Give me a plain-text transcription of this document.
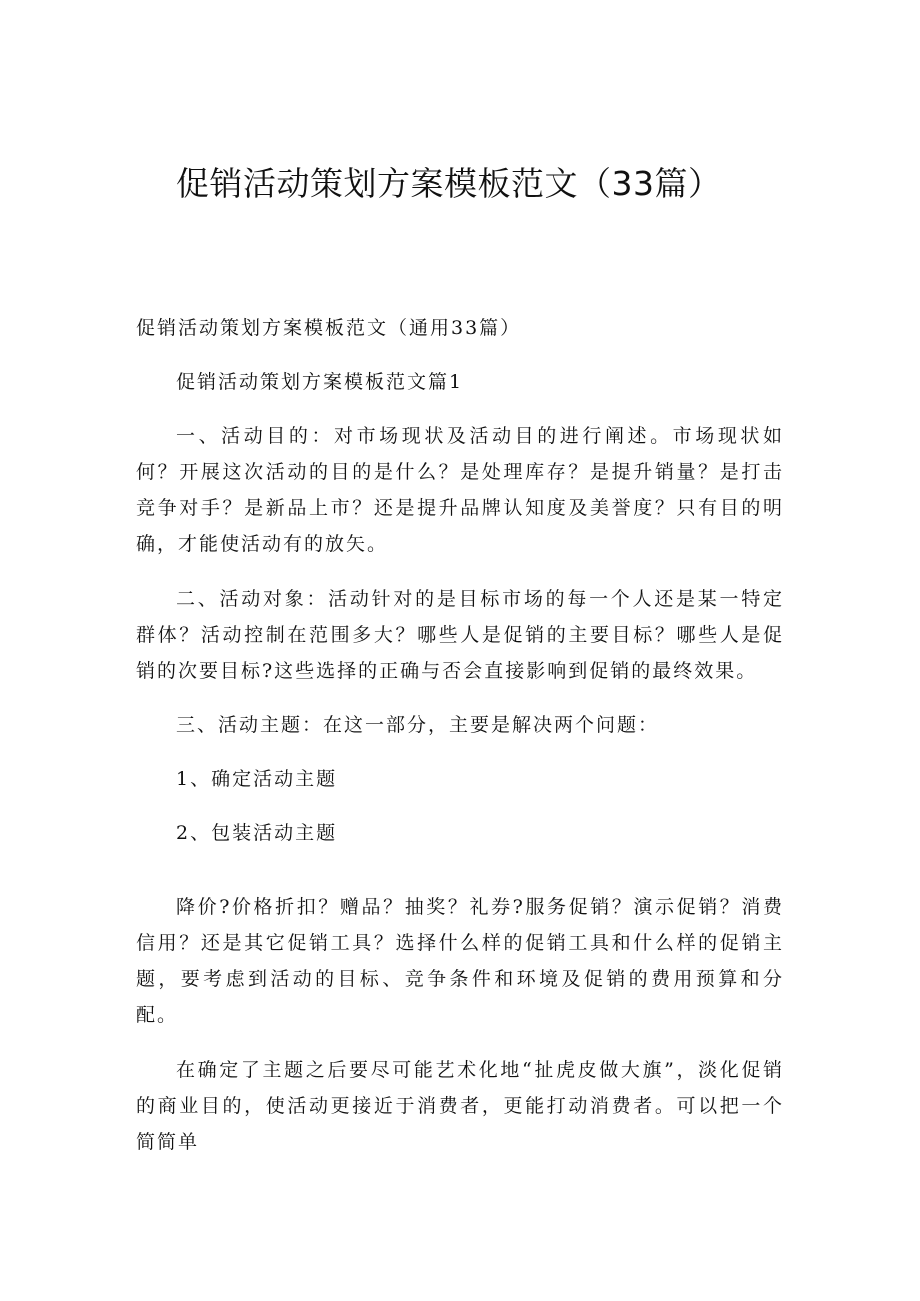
促销活动策划方案模板范文（33篇）

促销活动策划方案模板范文（通用33篇）

促销活动策划方案模板范文篇1

一、活动目的：对市场现状及活动目的进行阐述。市场现状如何？开展这次活动的目的是什么？是处理库存？是提升销量？是打击竞争对手？是新品上市？还是提升品牌认知度及美誉度？只有目的明确，才能使活动有的放矢。

二、活动对象：活动针对的是目标市场的每一个人还是某一特定群体？活动控制在范围多大？哪些人是促销的主要目标？哪些人是促销的次要目标?这些选择的正确与否会直接影响到促销的最终效果。

三、活动主题：在这一部分，主要是解决两个问题：

1、确定活动主题

2、包装活动主题

降价?价格折扣？赠品？抽奖？礼券?服务促销？演示促销？消费信用？还是其它促销工具？选择什么样的促销工具和什么样的促销主题，要考虑到活动的目标、竞争条件和环境及促销的费用预算和分配。

在确定了主题之后要尽可能艺术化地“扯虎皮做大旗”，淡化促销的商业目的，使活动更接近于消费者，更能打动消费者。可以把一个简简单
